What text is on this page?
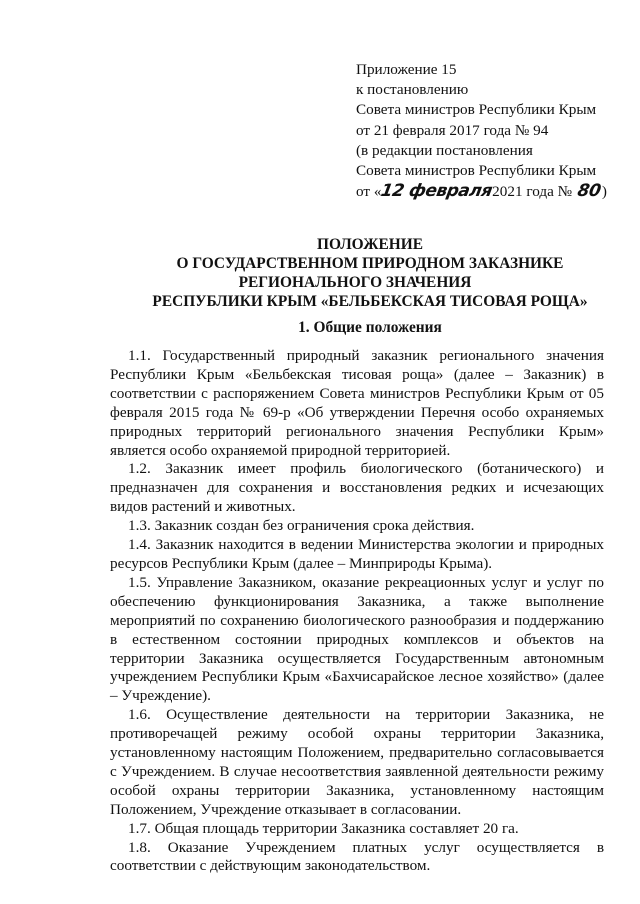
Приложение 15
к постановлению
Совета министров Республики Крым
от 21 февраля 2017 года № 94
(в редакции постановления
Совета министров Республики Крым
от «12 февраля2021 года № 80)
ПОЛОЖЕНИЕ
О ГОСУДАРСТВЕННОМ ПРИРОДНОМ ЗАКАЗНИКЕ
РЕГИОНАЛЬНОГО ЗНАЧЕНИЯ
РЕСПУБЛИКИ КРЫМ «БЕЛЬБЕКСКАЯ ТИСОВАЯ РОЩА»
1. Общие положения

1.1. Государственный природный заказник регионального значения Республики Крым «Бельбекская тисовая роща» (далее – Заказник) в соответствии с распоряжением Совета министров Республики Крым от 05 февраля 2015 года № 69-р «Об утверждении Перечня особо охраняемых природных территорий регионального значения Республики Крым» является особо охраняемой природной территорией.

1.2. Заказник имеет профиль биологического (ботанического) и предназначен для сохранения и восстановления редких и исчезающих видов растений и животных.

1.3. Заказник создан без ограничения срока действия.

1.4. Заказник находится в ведении Министерства экологии и природных ресурсов Республики Крым (далее – Минприроды Крыма).

1.5. Управление Заказником, оказание рекреационных услуг и услуг по обеспечению функционирования Заказника, а также выполнение мероприятий по сохранению биологического разнообразия и поддержанию в естественном состоянии природных комплексов и объектов на территории Заказника осуществляется Государственным автономным учреждением Республики Крым «Бахчисарайское лесное хозяйство» (далее – Учреждение).

1.6. Осуществление деятельности на территории Заказника, не противоречащей режиму особой охраны территории Заказника, установленному настоящим Положением, предварительно согласовывается с Учреждением. В случае несоответствия заявленной деятельности режиму особой охраны территории Заказника, установленному настоящим Положением, Учреждение отказывает в согласовании.

1.7. Общая площадь территории Заказника составляет 20 га.

1.8. Оказание Учреждением платных услуг осуществляется в соответствии с действующим законодательством.
